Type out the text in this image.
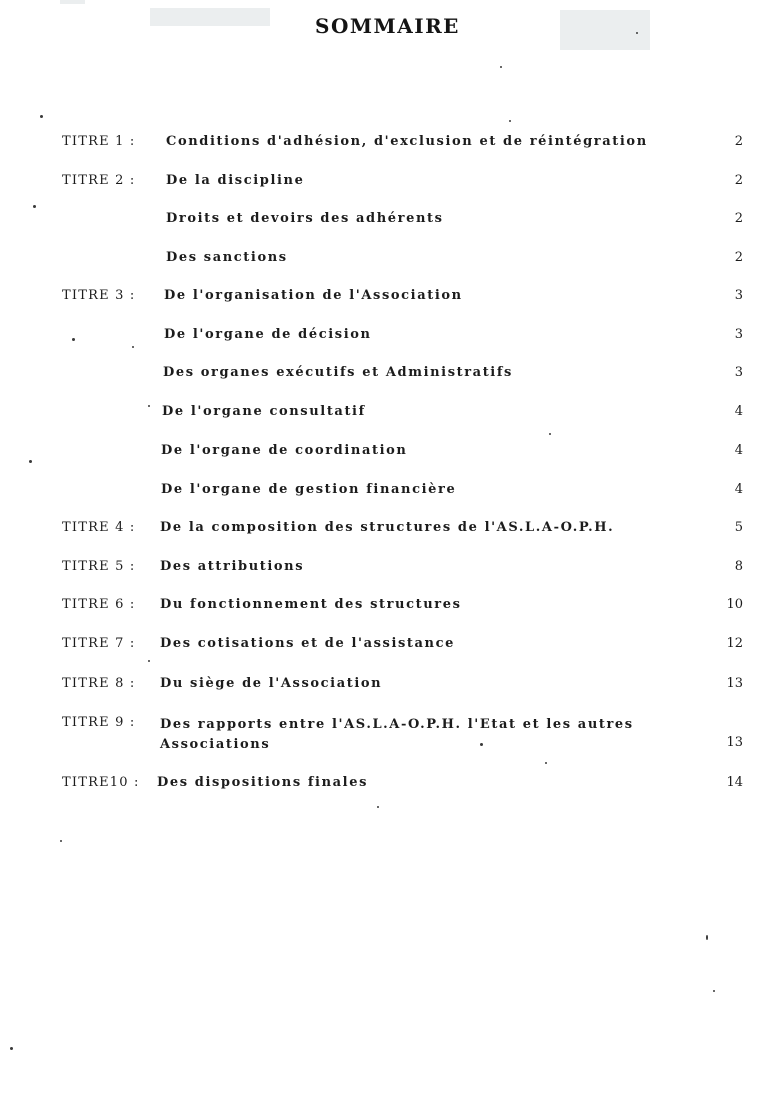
SOMMAIRE
TITRE 1 : Conditions d'adhésion, d'exclusion et de réintégration	2
TITRE 2 : De la discipline	2
Droits et devoirs des adhérents	2
Des sanctions	2
TITRE 3 : De l'organisation de l'Association	3
De l'organe de décision	3
Des organes exécutifs et Administratifs	3
De l'organe consultatif	4
De l'organe de coordination	4
De l'organe de gestion financière	4
TITRE 4 : De la composition des structures de l'AS.L.A-O.P.H.	5
TITRE 5 : Des attributions	8
TITRE 6 : Du fonctionnement des structures	10
TITRE 7 : Des cotisations et de l'assistance	12
TITRE 8 : Du siège de l'Association	13
TITRE 9 : Des rapports entre l'AS.L.A-O.P.H. l'Etat et les autres Associations	13
TITRE10 : Des dispositions finales	14
